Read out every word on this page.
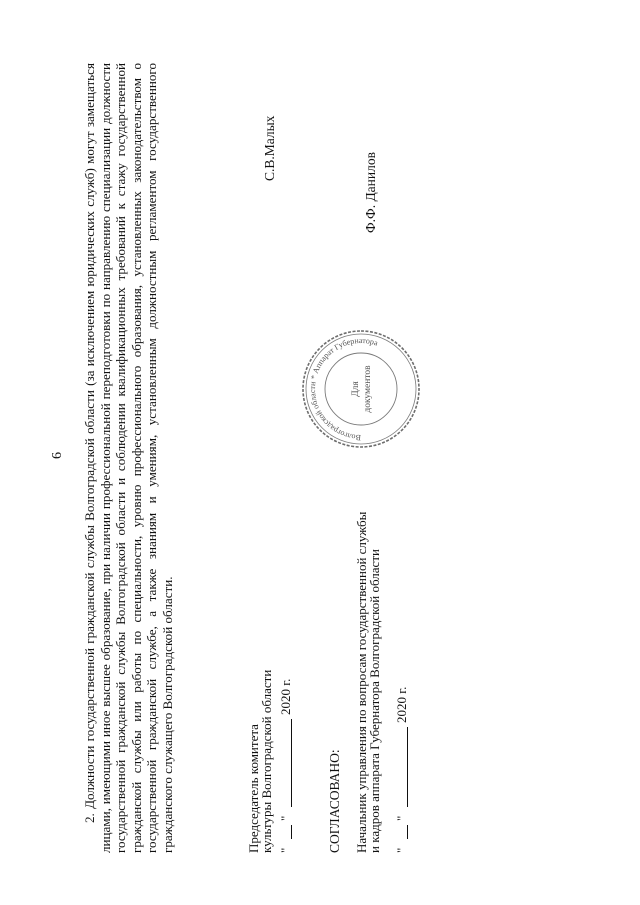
6 2. Должности государственной гражданской службы Волгоградской области (за исключением юридических служб) могут замещаться лицами, имеющими иное высшее образование, при наличии профессиональной переподготовки по направлению специализации должности государственной гражданской службы Волгоградской области и соблюдении квалификационных требований к стажу государственной гражданской службы или работы по специальности, уровню профессионального образования, установленных законодательством о государственной гражданской службе, а также знаниям и умениям, установленным должностным регламентом государственного гражданского служащего Волгоградской области.	Председатель комитета
культуры Волгоградской области "
"
2020 г.
С.В.Малых
СОГЛАСОВАНО: Начальник управления по вопросам государственной службы
и кадров аппарата Губернатора Волгоградской области "
"
2020 г.
Ф.Ф. Данилов
Волгоградской области * Аппарат Губернатора
Для документов
